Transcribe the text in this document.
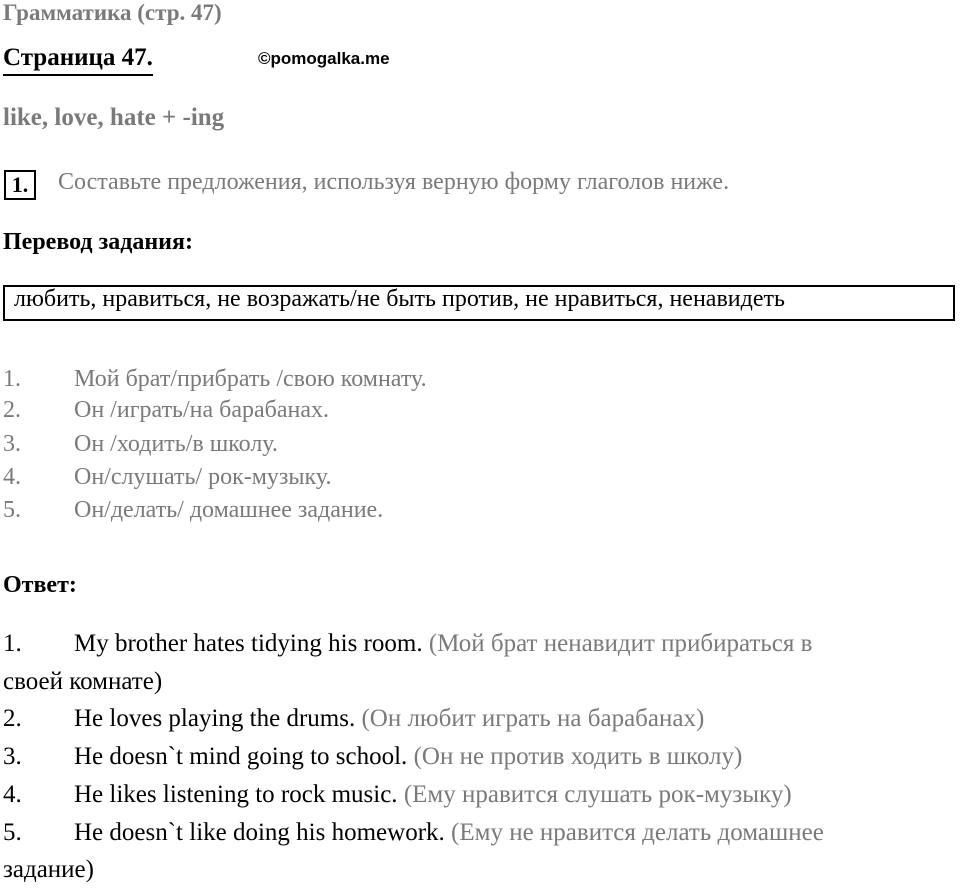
Грамматика (стр. 47)
Страница 47.	©pomogalka.me
like, love, hate + -ing
1.	Составьте предложения, используя верную форму глаголов ниже.
Перевод задания:
любить, нравиться, не возражать/не быть против, не нравиться, ненавидеть
1. Мой брат/прибрать /свою комнату.
2. Он /играть/на барабанах.
3. Он /ходить/в школу.
4. Он/слушать/ рок-музыку.
5. Он/делать/ домашнее задание.
Ответ:
1. My brother hates tidying his room. (Мой брат ненавидит прибираться в
своей комнате)
2. He loves playing the drums. (Он любит играть на барабанах)
3. He doesn`t mind going to school. (Он не против ходить в школу)
4. He likes listening to rock music. (Ему нравится слушать рок-музыку)
5. He doesn`t like doing his homework. (Ему не нравится делать домашнее
задание)
